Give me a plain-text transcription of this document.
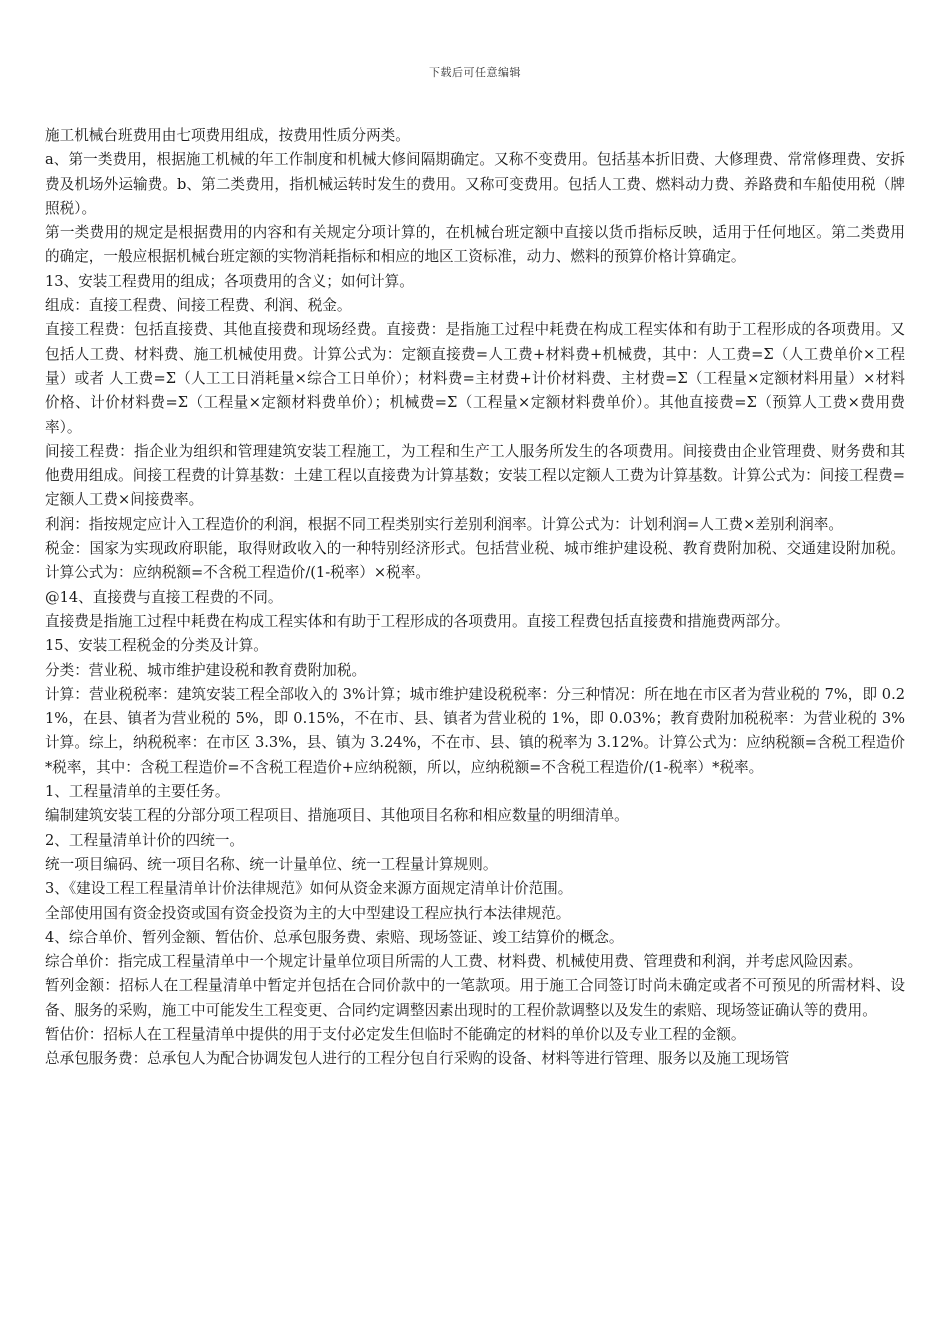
下载后可任意编辑

施工机械台班费用由七项费用组成，按费用性质分两类。

a、第一类费用，根据施工机械的年工作制度和机械大修间隔期确定。又称不变费用。包括基本折旧费、大修理费、常常修理费、安拆费及机场外运输费。b、第二类费用，指机械运转时发生的费用。又称可变费用。包括人工费、燃料动力费、养路费和车船使用税（牌照税）。

第一类费用的规定是根据费用的内容和有关规定分项计算的，在机械台班定额中直接以货币指标反映，适用于任何地区。第二类费用的确定，一般应根据机械台班定额的实物消耗指标和相应的地区工资标准，动力、燃料的预算价格计算确定。

13、安装工程费用的组成；各项费用的含义；如何计算。

组成：直接工程费、间接工程费、利润、税金。

直接工程费：包括直接费、其他直接费和现场经费。直接费：是指施工过程中耗费在构成工程实体和有助于工程形成的各项费用。又包括人工费、材料费、施工机械使用费。计算公式为：定额直接费=人工费+材料费+机械费，其中：人工费=Σ（人工费单价×工程量）或者 人工费=Σ（人工工日消耗量×综合工日单价）；材料费=主材费+计价材料费、主材费=Σ（工程量×定额材料用量）×材料价格、计价材料费=Σ（工程量×定额材料费单价）；机械费=Σ（工程量×定额材料费单价）。其他直接费=Σ（预算人工费×费用费率）。

间接工程费：指企业为组织和管理建筑安装工程施工，为工程和生产工人服务所发生的各项费用。间接费由企业管理费、财务费和其他费用组成。间接工程费的计算基数：土建工程以直接费为计算基数；安装工程以定额人工费为计算基数。计算公式为：间接工程费=定额人工费×间接费率。

利润：指按规定应计入工程造价的利润，根据不同工程类别实行差别利润率。计算公式为：计划利润=人工费×差别利润率。

税金：国家为实现政府职能，取得财政收入的一种特别经济形式。包括营业税、城市维护建设税、教育费附加税、交通建设附加税。计算公式为：应纳税额=不含税工程造价/(1-税率）×税率。

@14、直接费与直接工程费的不同。

直接费是指施工过程中耗费在构成工程实体和有助于工程形成的各项费用。直接工程费包括直接费和措施费两部分。

15、安装工程税金的分类及计算。

分类：营业税、城市维护建设税和教育费附加税。

计算：营业税税率：建筑安装工程全部收入的 3%计算；城市维护建设税税率：分三种情况：所在地在市区者为营业税的 7%，即 0.21%，在县、镇者为营业税的 5%，即 0.15%，不在市、县、镇者为营业税的 1%，即 0.03%；教育费附加税税率：为营业税的 3%计算。综上，纳税税率：在市区 3.3%，县、镇为 3.24%，不在市、县、镇的税率为 3.12%。计算公式为：应纳税额=含税工程造价*税率，其中：含税工程造价=不含税工程造价+应纳税额，所以，应纳税额=不含税工程造价/(1-税率）*税率。

1、工程量清单的主要任务。

编制建筑安装工程的分部分项工程项目、措施项目、其他项目名称和相应数量的明细清单。

2、工程量清单计价的四统一。

统一项目编码、统一项目名称、统一计量单位、统一工程量计算规则。

3、《建设工程工程量清单计价法律规范》如何从资金来源方面规定清单计价范围。

全部使用国有资金投资或国有资金投资为主的大中型建设工程应执行本法律规范。

4、综合单价、暂列金额、暂估价、总承包服务费、索赔、现场签证、竣工结算价的概念。

综合单价：指完成工程量清单中一个规定计量单位项目所需的人工费、材料费、机械使用费、管理费和利润，并考虑风险因素。

暂列金额：招标人在工程量清单中暂定并包括在合同价款中的一笔款项。用于施工合同签订时尚未确定或者不可预见的所需材料、设备、服务的采购，施工中可能发生工程变更、合同约定调整因素出现时的工程价款调整以及发生的索赔、现场签证确认等的费用。

暂估价：招标人在工程量清单中提供的用于支付必定发生但临时不能确定的材料的单价以及专业工程的金额。

总承包服务费：总承包人为配合协调发包人进行的工程分包自行采购的设备、材料等进行管理、服务以及施工现场管
